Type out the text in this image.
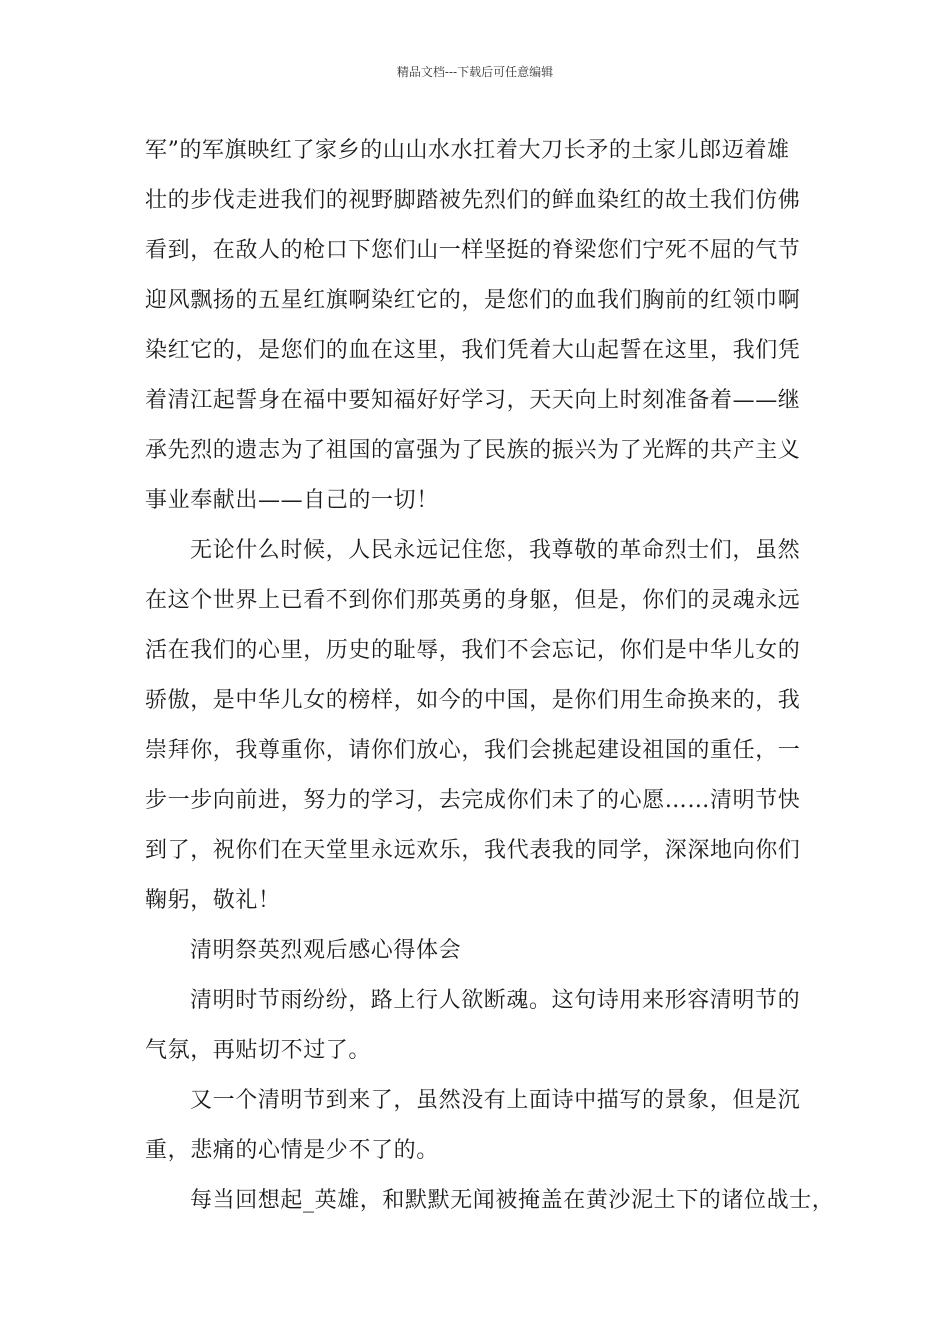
精品文档---下载后可任意编辑
军”的军旗映红了家乡的山山水水扛着大刀长矛的土家儿郎迈着雄
壮的步伐走进我们的视野脚踏被先烈们的鲜血染红的故土我们仿佛
看到，在敌人的枪口下您们山一样坚挺的脊梁您们宁死不屈的气节
迎风飘扬的五星红旗啊染红它的，是您们的血我们胸前的红领巾啊
染红它的，是您们的血在这里，我们凭着大山起誓在这里，我们凭
着清江起誓身在福中要知福好好学习，天天向上时刻准备着——继
承先烈的遗志为了祖国的富强为了民族的振兴为了光辉的共产主义
事业奉献出——自己的一切！
无论什么时候，人民永远记住您，我尊敬的革命烈士们，虽然
在这个世界上已看不到你们那英勇的身躯，但是，你们的灵魂永远
活在我们的心里，历史的耻辱，我们不会忘记，你们是中华儿女的
骄傲，是中华儿女的榜样，如今的中国，是你们用生命换来的，我
崇拜你，我尊重你，请你们放心，我们会挑起建设祖国的重任，一
步一步向前进，努力的学习，去完成你们未了的心愿……清明节快
到了，祝你们在天堂里永远欢乐，我代表我的同学，深深地向你们
鞠躬，敬礼！
清明祭英烈观后感心得体会
清明时节雨纷纷，路上行人欲断魂。这句诗用来形容清明节的
气氛，再贴切不过了。
又一个清明节到来了，虽然没有上面诗中描写的景象，但是沉
重，悲痛的心情是少不了的。
每当回想起_英雄，和默默无闻被掩盖在黄沙泥土下的诸位战士，
